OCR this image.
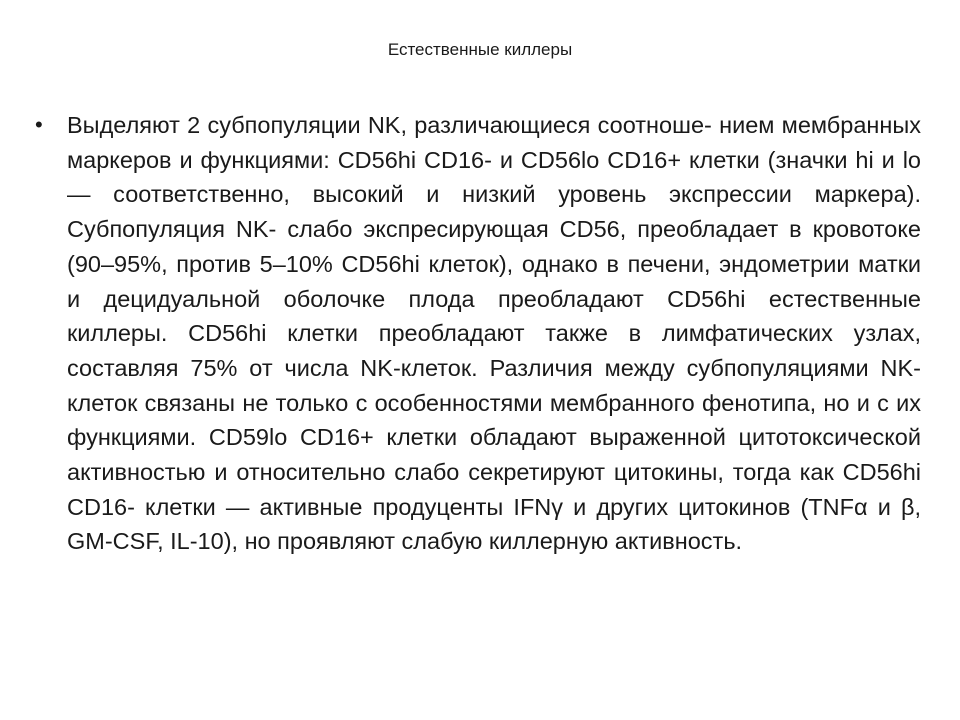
Естественные киллеры
• Выделяют 2 субпопуляции NK, различающиеся соотноше- нием мембранных маркеров и функциями: CD56hi CD16- и CD56lo CD16+ клетки (значки hi и lo — соответственно, высокий и низкий уровень экспрессии маркера). Субпопуляция NK- слабо экспресирующая CD56, преобладает в кровотоке (90–95%, против 5–10% CD56hi клеток), однако в печени, эндометрии матки и децидуальной оболочке плода преобладают CD56hi естественные киллеры. CD56hi клетки преобладают также в лимфатических узлах, составляя 75% от числа NK-клеток. Различия между субпопуляциями NK-клеток связаны не только с особенностями мембранного фенотипа, но и с их функциями. CD59lo CD16+ клетки обладают выраженной цитотоксической активностью и относительно слабо секретируют цитокины, тогда как CD56hi CD16- клетки — активные продуценты IFNγ и других цитокинов (TNFα и β, GM-CSF, IL-10), но проявляют слабую киллерную активность.
